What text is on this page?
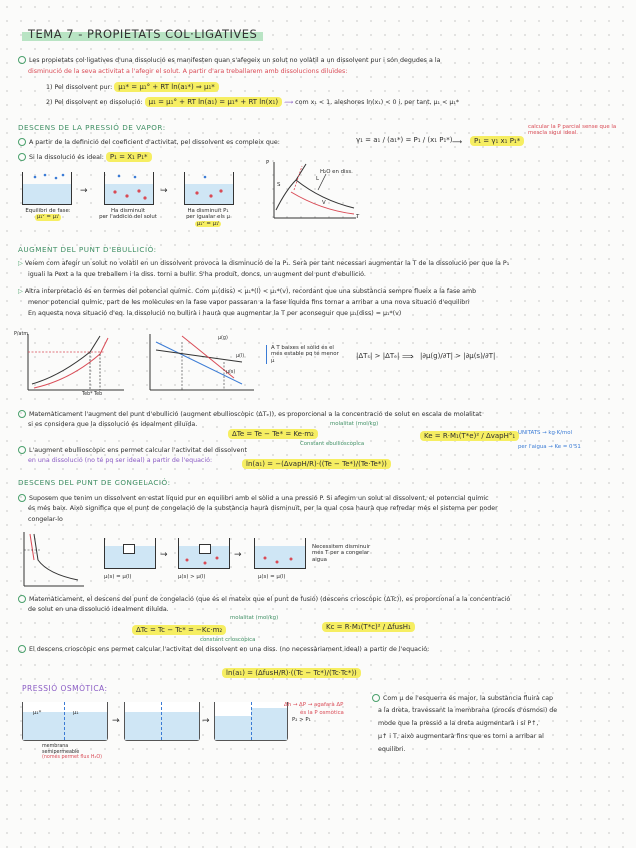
TEMA 7 - PROPIETATS COL·LIGATIVES
Les propietats col·ligatives d'una dissolució es manifesten quan s'afegeix un solut no volàtil a un dissolvent pur i són degudes a la
disminució de la seva activitat a l'afegir el solut. A partir d'ara treballarem amb dissolucions diluïdes:
1) Pel dissolvent pur: μ₁* = μ₁° + RT ln(a₁*) ⇒ μ₁*
2) Pel dissolvent en dissolució: μ₁ = μ₁° + RT ln(a₁) = μ₁* + RT ln(x₁) ⟿ com x₁ < 1, aleshores ln(x₁) < 0 i, per tant, μ₁ < μ₁*
DESCENS DE LA PRESSIÓ DE VAPOR:
A partir de la definició del coeficient d'activitat, pel dissolvent es compleix que:	γ₁ = a₁ / (a₁*) = P₁ / (x₁ P₁*) ⟶	P₁ = γ₁ x₁ P₁*
calcular la P parcial sense que la mescla sigui ideal.
Si la dissolució és ideal: P₁ = X₁ P₁*
Equilibri de fase:
μ₁ᵛ = μ₁ˡ
→
Ha disminuït
per l'addició del solut
→
Ha disminuït P₁
per igualar els μ
μ₁ᵛ = μ₁ˡ
P
T
S
L
V
H₂O en diss.
AUGMENT DEL PUNT D'EBULLICIÓ:
▷ Veiem com afegir un solut no volàtil en un dissolvent provoca la disminució de la P₁. Serà per tant necessari augmentar la T de la dissolució per que la P₁
iguali la Pext a la que treballem i la diss. torni a bullir. S'ha produït, doncs, un augment del punt d'ebullició.
▷ Altra interpretació és en termes del potencial químic. Com μ₁(diss) < μ₁*(l) < μ₁*(v), recordant que una substància sempre flueix a la fase amb
menor potencial químic, part de les molècules en la fase vapor passaran a la fase líquida fins tornar a arribar a una nova situació d'equilibri
En aquesta nova situació d'eq. la dissolució no bullirà i haurà que augmentar la T per aconseguir que μ₁(diss) = μ₁*(v)
P/atm
Teb* Teb
μ(g)
μ(l)
μ(s)
A T baixes el sòlid és el més estable pq té menor μ
|ΔTₛ| > |ΔTₑ| ⟹ |∂μ(g)/∂T| > |∂μ(s)/∂T|
Matemàticament l'augment del punt d'ebullició (augment ebullioscòpic (ΔTₑ)), es proporcional a la concentració de solut en escala de molalitat
si es considera que la dissolució és idealment diluïda.	molalitat (mol/kg)
ΔTe = Te − Te* = Ke·m₂
Constant ebullioscòpica
Ke = R·M₁(T*e)² / ΔvapH°₁ UNITATS → kg·K/mol
per l'aigua → Ke = 0'51
L'augment ebullioscòpic ens permet calcular l'activitat del dissolvent
en una dissolució (no té pq ser ideal) a partir de l'equació:	ln(a₁) = −(ΔvapH/R)·((Te − Te*)/(Te·Te*))
DESCENS DEL PUNT DE CONGELACIÓ:
Suposem que tenim un dissolvent en estat líquid pur en equilibri amb el sòlid a una pressió P. Si afegim un solut al dissolvent, el potencial químic
és més baix. Això significa que el punt de congelació de la substància haurà disminuït, per la qual cosa haurà que refredar més el sistema per poder
congelar-lo
μ(s) = μ(l)
→
μ(s) > μ(l)
→
μ(s) = μ(l)
Necessitem disminuir més T per a congelar aigua
Matemàticament, el descens del punt de congelació (que és el mateix que el punt de fusió) (descens crioscòpic (ΔTc)), es proporcional a la concentració
de solut en una dissolució idealment diluïda.
molalitat (mol/kg)
ΔTc = Tc − Tc* = −Kc·m₂
constant crioscòpica
Kc = R·M₁(T*c)² / ΔfusH₁
El descens crioscòpic ens permet calcular l'activitat del dissolvent en una diss. (no necessàriament ideal) a partir de l'equació:
ln(a₁) = (ΔfusH/R)·((Tc − Tc*)/(Tc·Tc*))
PRESSIÓ OSMÒTICA:
μ₁*	μ₁
→	→	P₂ > P₁
Δh → ΔP → agafarà ΔP
és la P osmòtica
membrana
semipermeable
(només permet flux H₂O)
Com μ de l'esquerra és major, la substància fluirà cap
a la dreta, travessant la membrana (procés d'osmosi) de
mode que la pressió a la dreta augmentarà i si P↑,
μ↑ i T, això augmentarà fins que es torni a arribar al
equilibri.
